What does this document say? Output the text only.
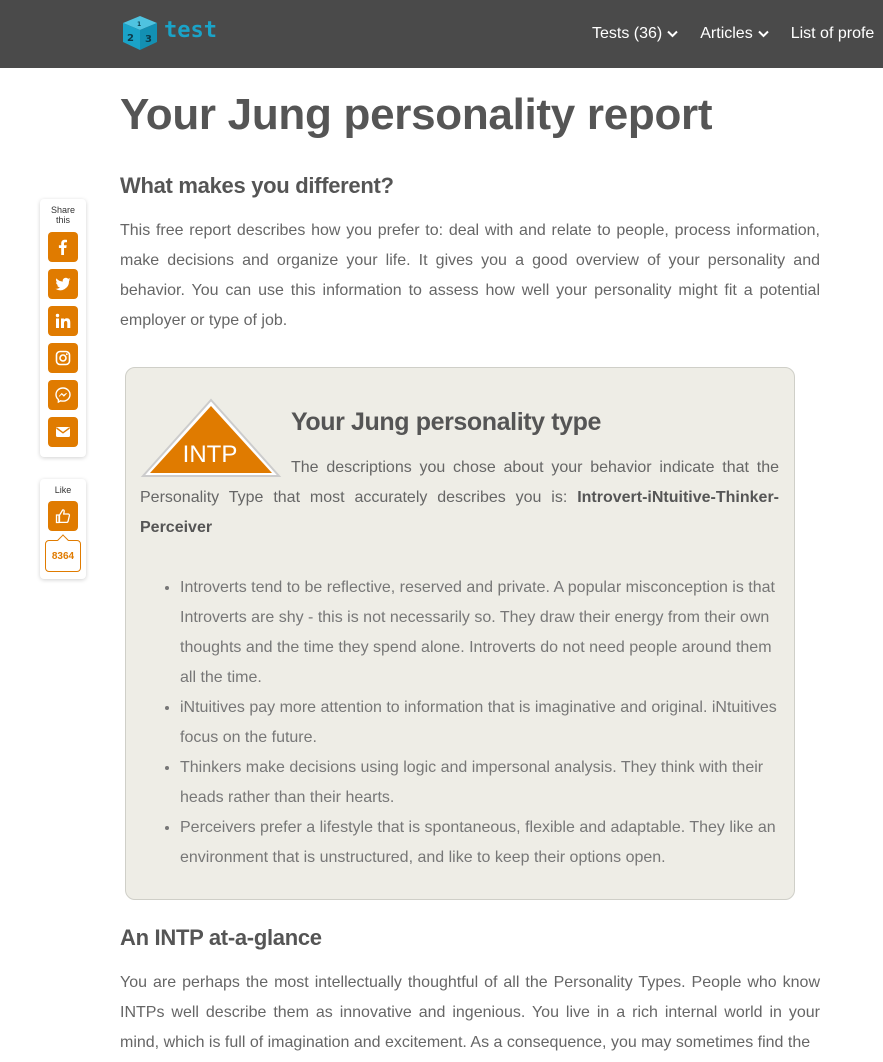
2 3
1 test	Tests (36) Articles List of profe
Your Jung personality report
What makes you different?

This free report describes how you prefer to: deal with and relate to people, process information, make decisions and organize your life. It gives you a good overview of your personality and behavior. You can use this information to assess how well your personality might fit a potential employer or type of job.

INTP
Your Jung personality type

The descriptions you chose about your behavior indicate that the Personality Type that most accurately describes you is: Introvert-iNtuitive-Thinker-Perceiver

• Introverts tend to be reflective, reserved and private. A popular misconception is that Introverts are shy - this is not necessarily so. They draw their energy from their own thoughts and the time they spend alone. Introverts do not need people around them all the time.
• iNtuitives pay more attention to information that is imaginative and original. iNtuitives focus on the future.
• Thinkers make decisions using logic and impersonal analysis. They think with their heads rather than their hearts.
• Perceivers prefer a lifestyle that is spontaneous, flexible and adaptable. They like an environment that is unstructured, and like to keep their options open.
An INTP at-a-glance

You are perhaps the most intellectually thoughtful of all the Personality Types. People who know INTPs well describe them as innovative and ingenious. You live in a rich internal world in your mind, which is full of imagination and excitement. As a consequence, you may sometimes find the

Share this
Like
8364
